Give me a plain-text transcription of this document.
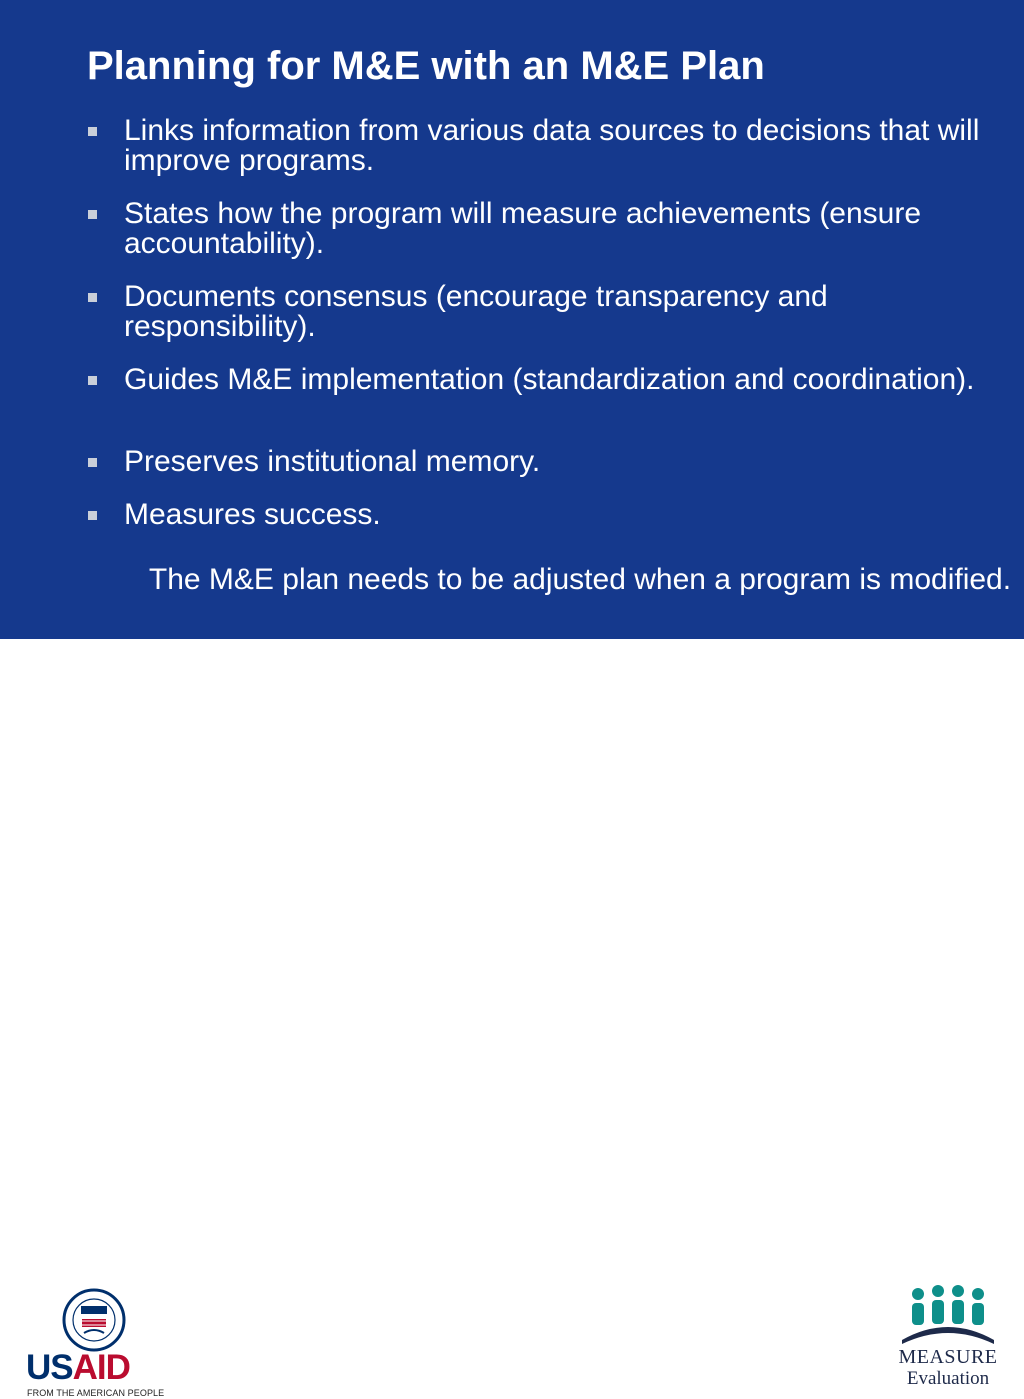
Planning for M&E with an M&E Plan

Links information from various data sources to decisions that will improve programs.

States how the program will measure achievements (ensure accountability).

Documents consensus (encourage transparency and responsibility).

Guides M&E implementation (standardization and coordination).

Preserves institutional memory.

Measures success.

The M&E plan needs to be adjusted when a program is modified.

USAID

FROM THE AMERICAN PEOPLE

MEASURE

Evaluation
